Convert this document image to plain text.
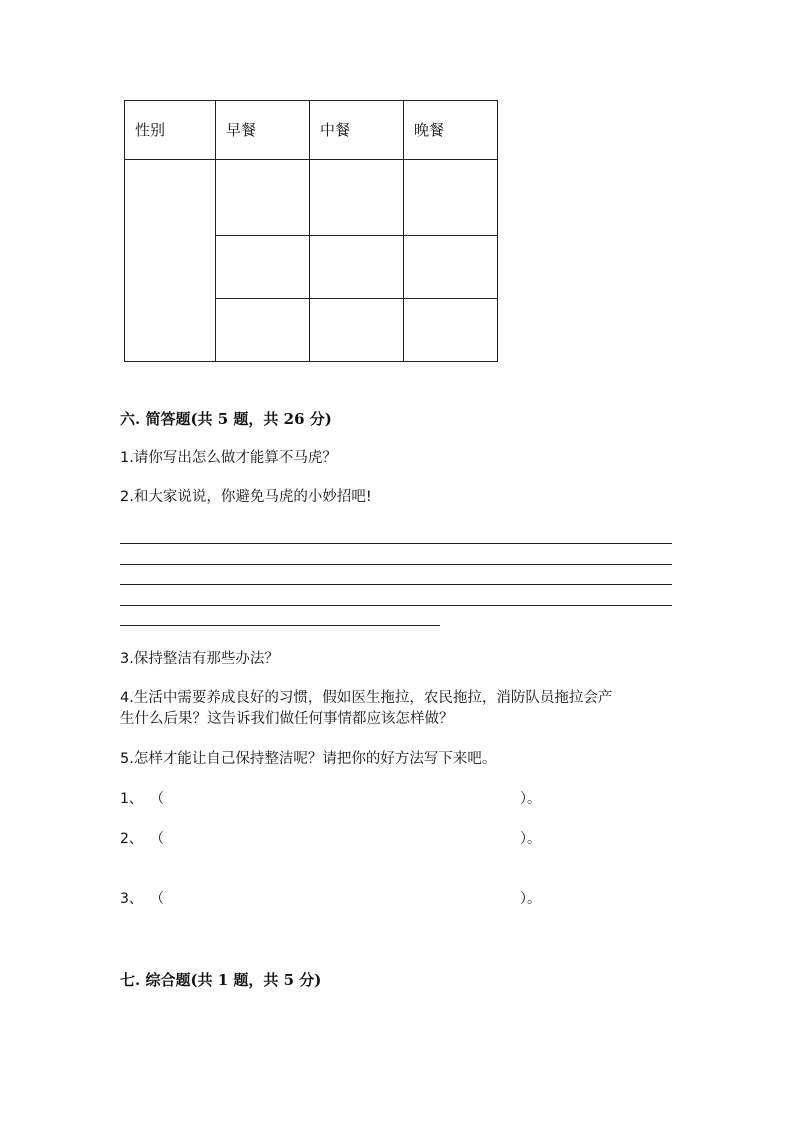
性别	早餐	中餐	晚餐
六. 简答题(共 5 题，共 26 分)
1.请你写出怎么做才能算不马虎？
2.和大家说说，你避免马虎的小妙招吧!
3.保持整洁有那些办法？
4.生活中需要养成良好的习惯，假如医生拖拉，农民拖拉，消防队员拖拉会产
生什么后果？这告诉我们做任何事情都应该怎样做？
5.怎样才能让自己保持整洁呢？请把你的好方法写下来吧。
1、 （	）。
2、 （	）。
3、 （	）。
七. 综合题(共 1 题，共 5 分)
